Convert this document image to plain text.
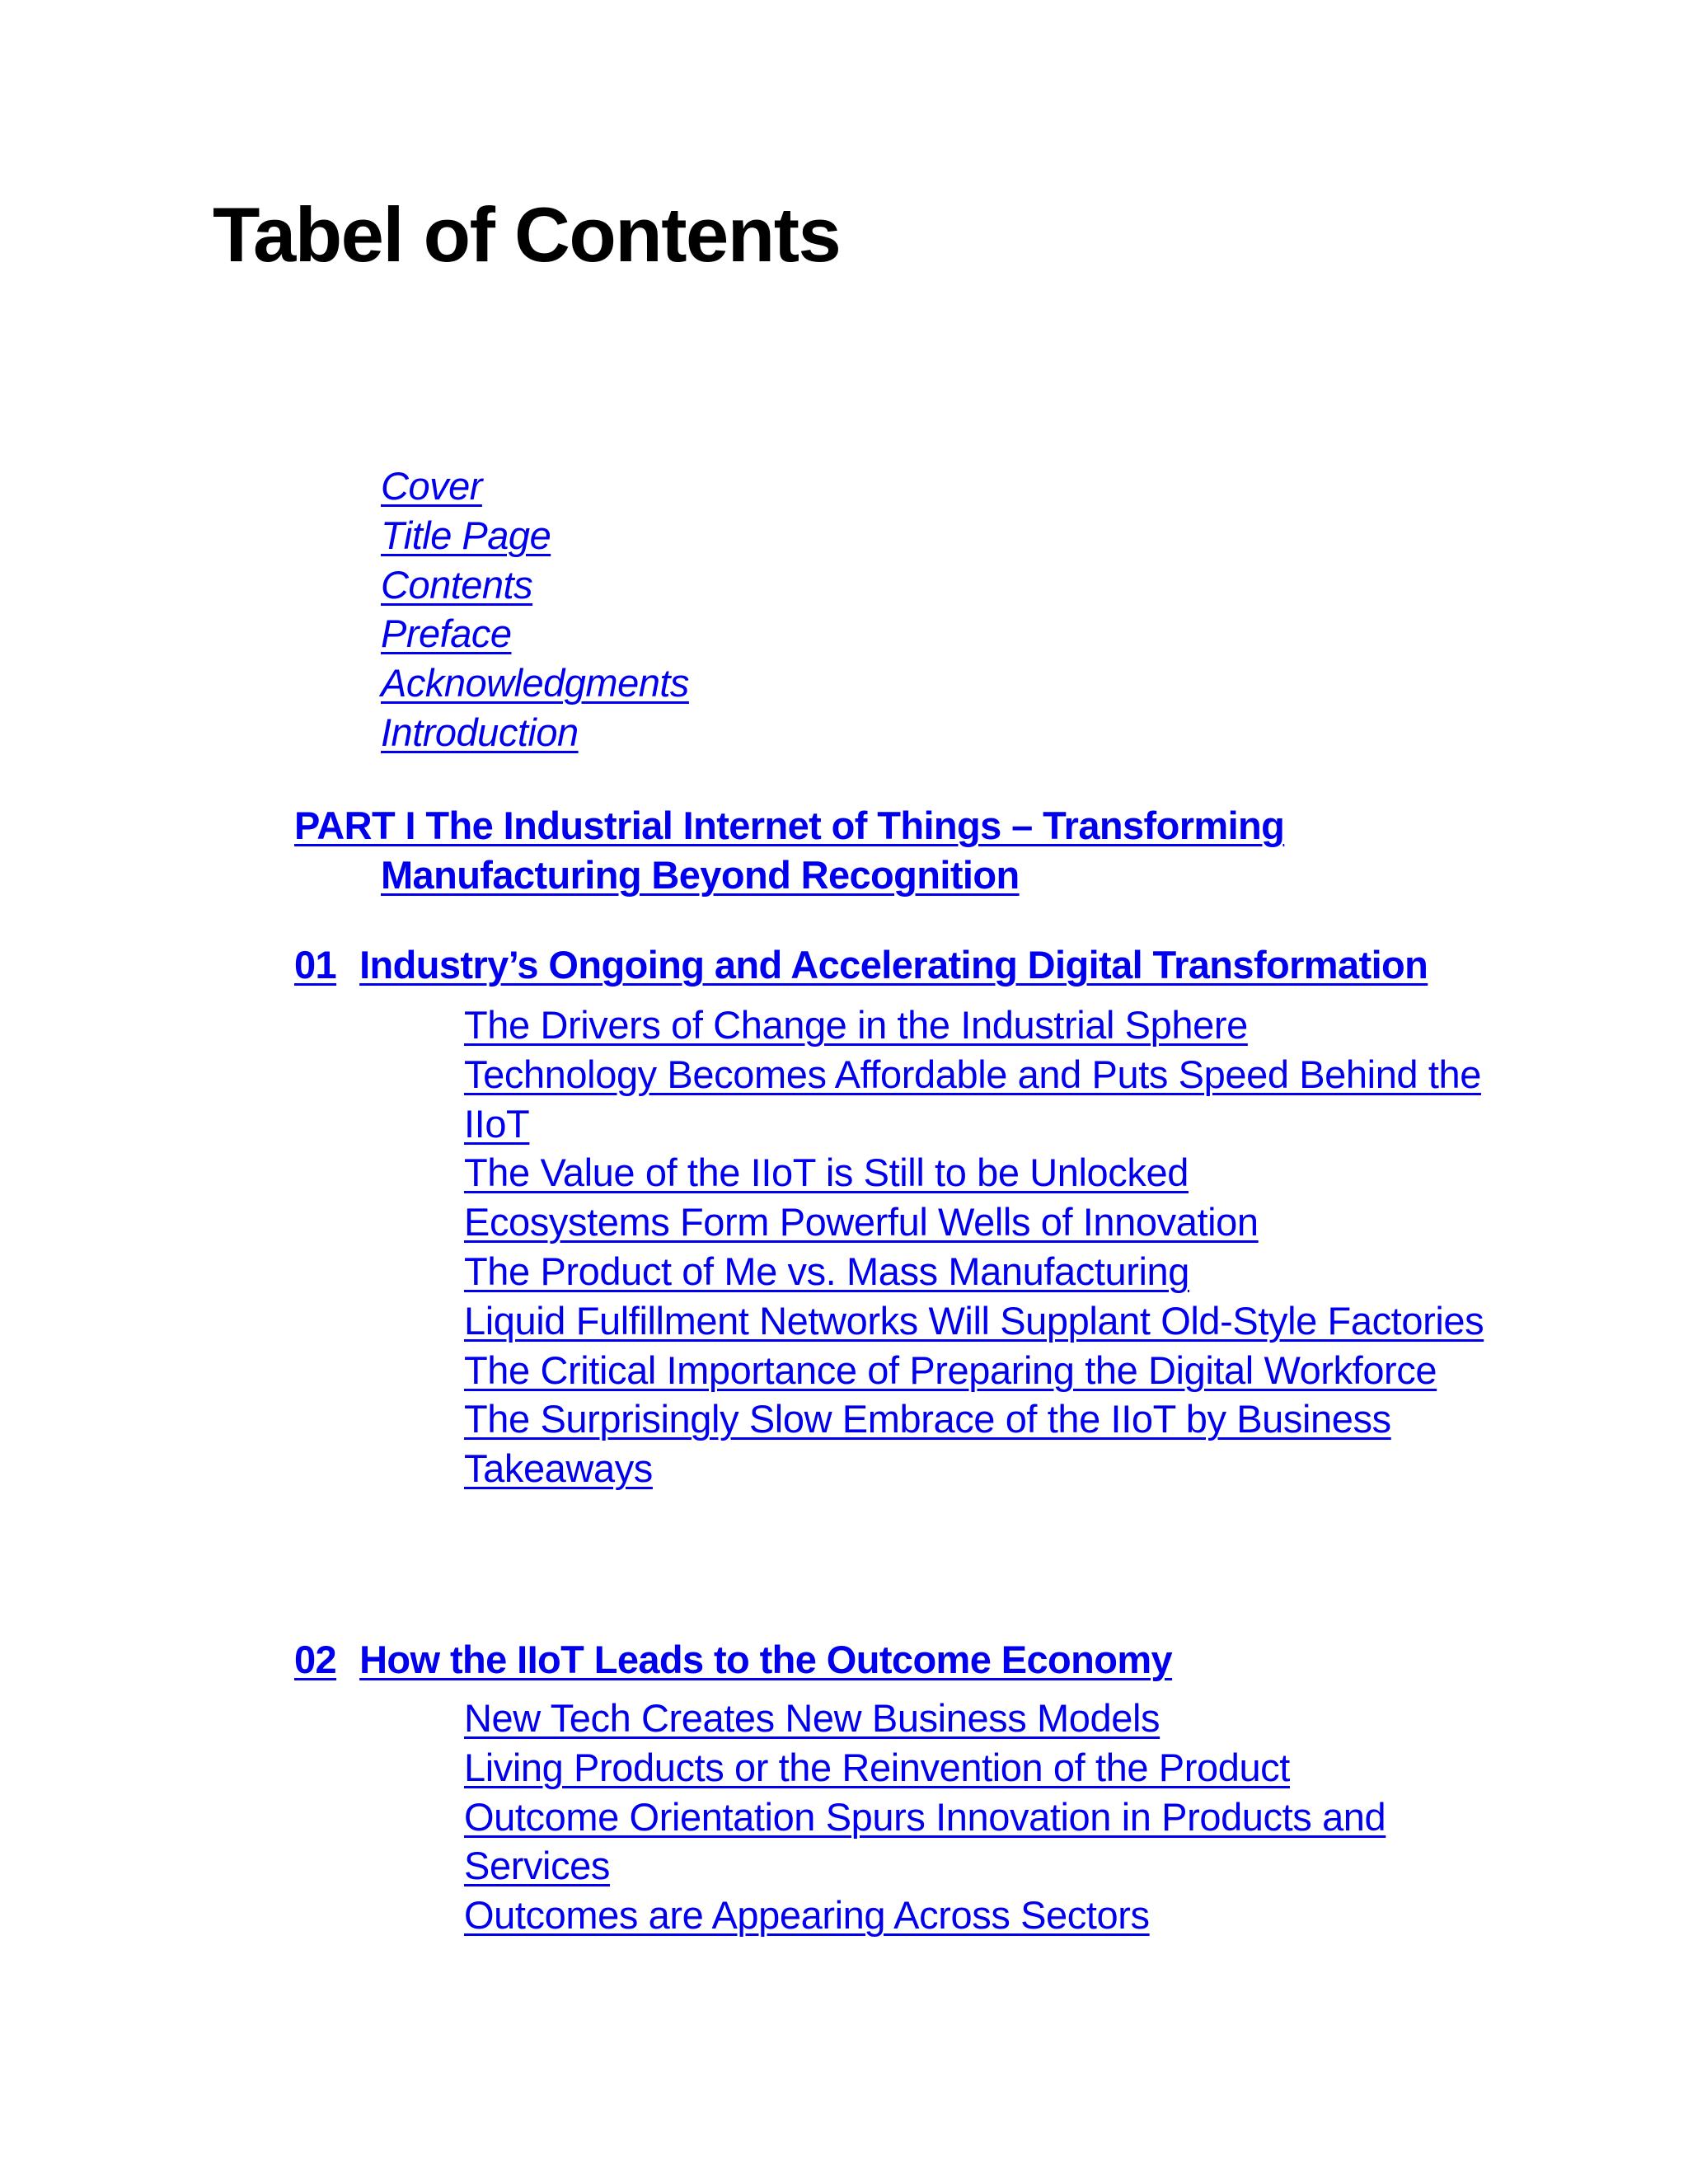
Tabel of Contents
Cover
Title Page
Contents
Preface
Acknowledgments
Introduction
PART I The Industrial Internet of Things – Transforming
Manufacturing Beyond Recognition
01 Industry’s Ongoing and Accelerating Digital Transformation
The Drivers of Change in the Industrial Sphere
Technology Becomes Affordable and Puts Speed Behind the IIoT
The Value of the IIoT is Still to be Unlocked
Ecosystems Form Powerful Wells of Innovation
The Product of Me vs. Mass Manufacturing
Liquid Fulfillment Networks Will Supplant Old-Style Factories
The Critical Importance of Preparing the Digital Workforce
The Surprisingly Slow Embrace of the IIoT by Business
Takeaways
02 How the IIoT Leads to the Outcome Economy
New Tech Creates New Business Models
Living Products or the Reinvention of the Product
Outcome Orientation Spurs Innovation in Products and Services
Outcomes are Appearing Across Sectors
